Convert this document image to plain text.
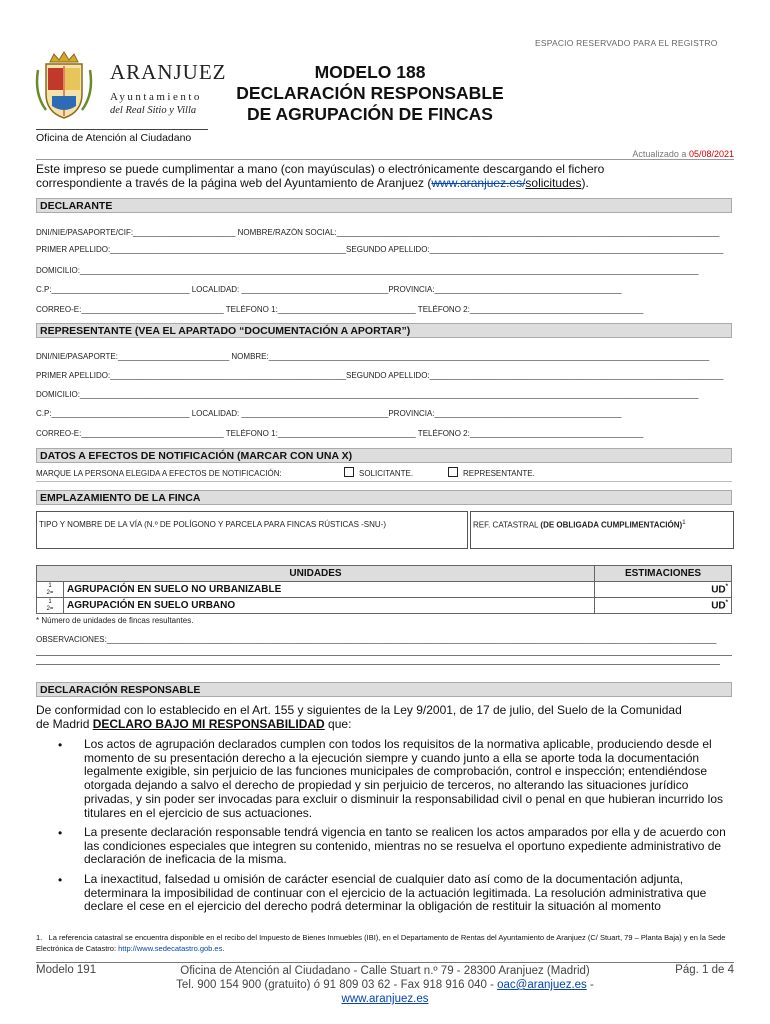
ESPACIO RESERVADO PARA EL REGISTRO
ARANJUEZ
Ayuntamiento
del Real Sitio y Villa
MODELO 188
DECLARACIÓN RESPONSABLE
DE AGRUPACIÓN DE FINCAS
Oficina de Atención al Ciudadano
Actualizado a 05/08/2021
Este impreso se puede cumplimentar a mano (con mayúsculas) o electrónicamente descargando el fichero
correspondiente a través de la página web del Ayuntamiento de Aranjuez (www.aranjuez.es/solicitudes).
DECLARANTE
DNI/NIE/PASAPORTE/CIF:_______________________ NOMBRE/RAZÓN SOCIAL:______________________________________________________________________________________
PRIMER APELLIDO:_____________________________________________________SEGUNDO APELLIDO:__________________________________________________________________
DOMICILIO:___________________________________________________________________________________________________________________________________________
C.P:_______________________________ LOCALIDAD: _________________________________PROVINCIA:__________________________________________
CORREO-E:________________________________ TELÉFONO 1:_______________________________ TELÉFONO 2:_______________________________________
REPRESENTANTE (VEA EL APARTADO “DOCUMENTACIÓN A APORTAR”)
DNI/NIE/PASAPORTE:_________________________ NOMBRE:___________________________________________________________________________________________________
PRIMER APELLIDO:_____________________________________________________SEGUNDO APELLIDO:__________________________________________________________________
DOMICILIO:___________________________________________________________________________________________________________________________________________
C.P:_______________________________ LOCALIDAD: _________________________________PROVINCIA:__________________________________________
CORREO-E:________________________________ TELÉFONO 1:_______________________________ TELÉFONO 2:_______________________________________
DATOS A EFECTOS DE NOTIFICACIÓN (MARCAR CON UNA X)
MARQUE LA PERSONA ELEGIDA A EFECTOS DE NOTIFICACIÓN:	SOLICITANTE.	REPRESENTANTE.
EMPLAZAMIENTO DE LA FINCA
TIPO Y NOMBRE DE LA VÍA (N.º DE POLÍGONO Y PARCELA PARA FINCAS RÚSTICAS -SNU-)	REF. CATASTRAL (DE OBLIGADA CUMPLIMENTACIÓN)$^1$
UNIDADES		ESTIMACIONES

1
2=	AGRUPACIÓN EN SUELO NO URBANIZABLE	UD*

1
2=	AGRUPACIÓN EN SUELO URBANO	UD*
* Número de unidades de fincas resultantes.
OBSERVACIONES:_________________________________________________________________________________________________________________________________________
DECLARACIÓN RESPONSABLE
De conformidad con lo establecido en el Art. 155 y siguientes de la Ley 9/2001, de 17 de julio, del Suelo de la Comunidad
de Madrid DECLARO BAJO MI RESPONSABILIDAD que:
• Los actos de agrupación declarados cumplen con todos los requisitos de la normativa aplicable, produciendo desde el momento de su presentación derecho a la ejecución siempre y cuando junto a ella se aporte toda la documentación legalmente exigible, sin perjuicio de las funciones municipales de comprobación, control e inspección; entendiéndose otorgada dejando a salvo el derecho de propiedad y sin perjuicio de terceros, no alterando las situaciones jurídico privadas, y sin poder ser invocadas para excluir o disminuir la responsabilidad civil o penal en que hubieran incurrido los titulares en el ejercicio de sus actuaciones.
• La presente declaración responsable tendrá vigencia en tanto se realicen los actos amparados por ella y de acuerdo con las condiciones especiales que integren su contenido, mientras no se resuelva el oportuno expediente administrativo de declaración de ineficacia de la misma.
• La inexactitud, falsedad u omisión de carácter esencial de cualquier dato así como de la documentación adjunta, determinara la imposibilidad de continuar con el ejercicio de la actuación legitimada. La resolución administrativa que declare el cese en el ejercicio del derecho podrá determinar la obligación de restituir la situación al momento
1. La referencia catastral se encuentra disponible en el recibo del Impuesto de Bienes Inmuebles (IBI), en el Departamento de Rentas del Ayuntamiento de Aranjuez (C/ Stuart, 79 – Planta Baja) y en la Sede Electrónica de Catastro: http://www.sedecatastro.gob.es.
Modelo 191	Oficina de Atención al Ciudadano - Calle Stuart n.º 79 - 28300 Aranjuez (Madrid)
Tel. 900 154 900 (gratuito) ó 91 809 03 62 - Fax 918 916 040 - oac@aranjuez.es - www.aranjuez.es
Pág. 1 de 4
